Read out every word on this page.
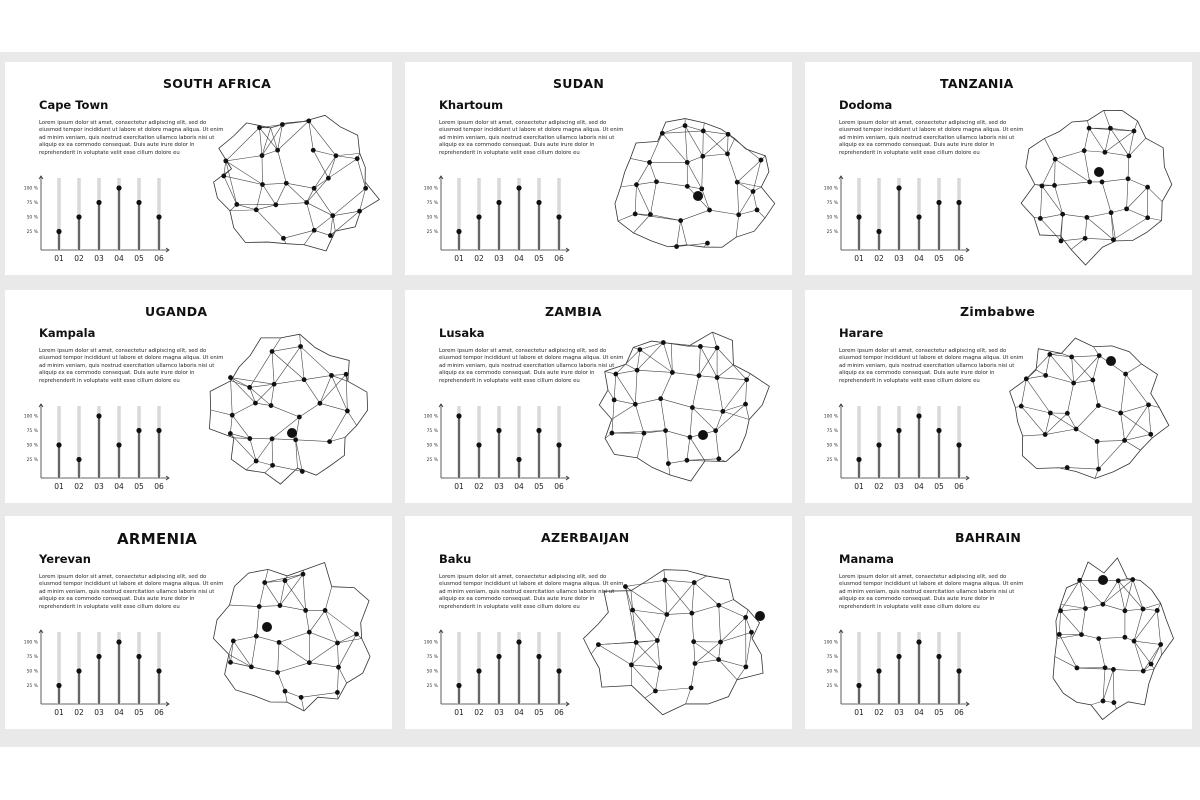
SOUTH AFRICA
Cape Town
Lorem ipsum dolor sit amet, consectetur adipiscing elit, sed do eiusmod tempor incididunt ut labore et dolore magna aliqua. Ut enim ad minim veniam, quis nostrud exercitation ullamco laboris nisi ut aliquip ex ea commodo consequat. Duis aute irure dolor in reprehenderit in voluptate velit esse cillum dolore eu
100 %
75 %
50 %
25 %
01 02 03 04 05 06
SUDAN
Khartoum
Lorem ipsum dolor sit amet, consectetur adipiscing elit, sed do eiusmod tempor incididunt ut labore et dolore magna aliqua. Ut enim ad minim veniam, quis nostrud exercitation ullamco laboris nisi ut aliquip ex ea commodo consequat. Duis aute irure dolor in reprehenderit in voluptate velit esse cillum dolore eu
100 %
75 %
50 %
25 %
01 02 03 04 05 06
TANZANIA
Dodoma
Lorem ipsum dolor sit amet, consectetur adipiscing elit, sed do eiusmod tempor incididunt ut labore et dolore magna aliqua. Ut enim ad minim veniam, quis nostrud exercitation ullamco laboris nisi ut aliquip ex ea commodo consequat. Duis aute irure dolor in reprehenderit in voluptate velit esse cillum dolore eu
100 %
75 %
50 %
25 %
01 02 03 04 05 06
UGANDA
Kampala
Lorem ipsum dolor sit amet, consectetur adipiscing elit, sed do eiusmod tempor incididunt ut labore et dolore magna aliqua. Ut enim ad minim veniam, quis nostrud exercitation ullamco laboris nisi ut aliquip ex ea commodo consequat. Duis aute irure dolor in reprehenderit in voluptate velit esse cillum dolore eu
100 %
75 %
50 %
25 %
01 02 03 04 05 06
ZAMBIA
Lusaka
Lorem ipsum dolor sit amet, consectetur adipiscing elit, sed do eiusmod tempor incididunt ut labore et dolore magna aliqua. Ut enim ad minim veniam, quis nostrud exercitation ullamco laboris nisi ut aliquip ex ea commodo consequat. Duis aute irure dolor in reprehenderit in voluptate velit esse cillum dolore eu
100 %
75 %
50 %
25 %
01 02 03 04 05 06
Zimbabwe
Harare
Lorem ipsum dolor sit amet, consectetur adipiscing elit, sed do eiusmod tempor incididunt ut labore et dolore magna aliqua. Ut enim ad minim veniam, quis nostrud exercitation ullamco laboris nisi ut aliquip ex ea commodo consequat. Duis aute irure dolor in reprehenderit in voluptate velit esse cillum dolore eu
100 %
75 %
50 %
25 %
01 02 03 04 05 06
ARMENIA
Yerevan
Lorem ipsum dolor sit amet, consectetur adipiscing elit, sed do eiusmod tempor incididunt ut labore et dolore magna aliqua. Ut enim ad minim veniam, quis nostrud exercitation ullamco laboris nisi ut aliquip ex ea commodo consequat. Duis aute irure dolor in reprehenderit in voluptate velit esse cillum dolore eu
100 %
75 %
50 %
25 %
01 02 03 04 05 06
AZERBAIJAN
Baku
Lorem ipsum dolor sit amet, consectetur adipiscing elit, sed do eiusmod tempor incididunt ut labore et dolore magna aliqua. Ut enim ad minim veniam, quis nostrud exercitation ullamco laboris nisi ut aliquip ex ea commodo consequat. Duis aute irure dolor in reprehenderit in voluptate velit esse cillum dolore eu
100 %
75 %
50 %
25 %
01 02 03 04 05 06
BAHRAIN
Manama
Lorem ipsum dolor sit amet, consectetur adipiscing elit, sed do eiusmod tempor incididunt ut labore et dolore magna aliqua. Ut enim ad minim veniam, quis nostrud exercitation ullamco laboris nisi ut aliquip ex ea commodo consequat. Duis aute irure dolor in reprehenderit in voluptate velit esse cillum dolore eu
100 %
75 %
50 %
25 %
01 02 03 04 05 06
